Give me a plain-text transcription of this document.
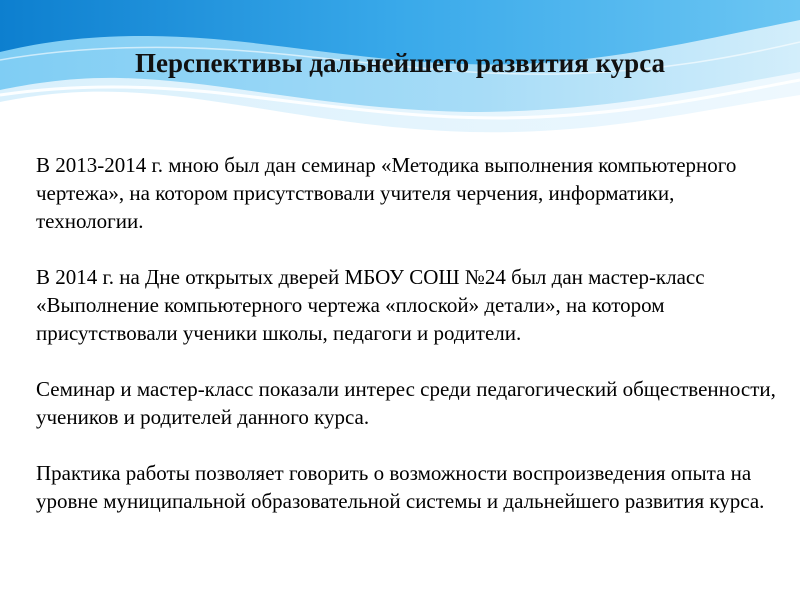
Перспективы дальнейшего развития курса

В 2013-2014 г. мною был дан семинар «Методика выполнения компьютерного чертежа», на котором присутствовали учителя черчения, информатики, технологии.

В 2014 г. на Дне открытых дверей МБОУ СОШ №24 был дан мастер-класс «Выполнение компьютерного чертежа «плоской» детали», на котором присутствовали ученики школы, педагоги и родители.

Семинар и мастер-класс показали интерес среди педагогический общественности, учеников и родителей данного курса.

Практика работы позволяет говорить о возможности воспроизведения опыта на уровне муниципальной образовательной системы и дальнейшего развития курса.
